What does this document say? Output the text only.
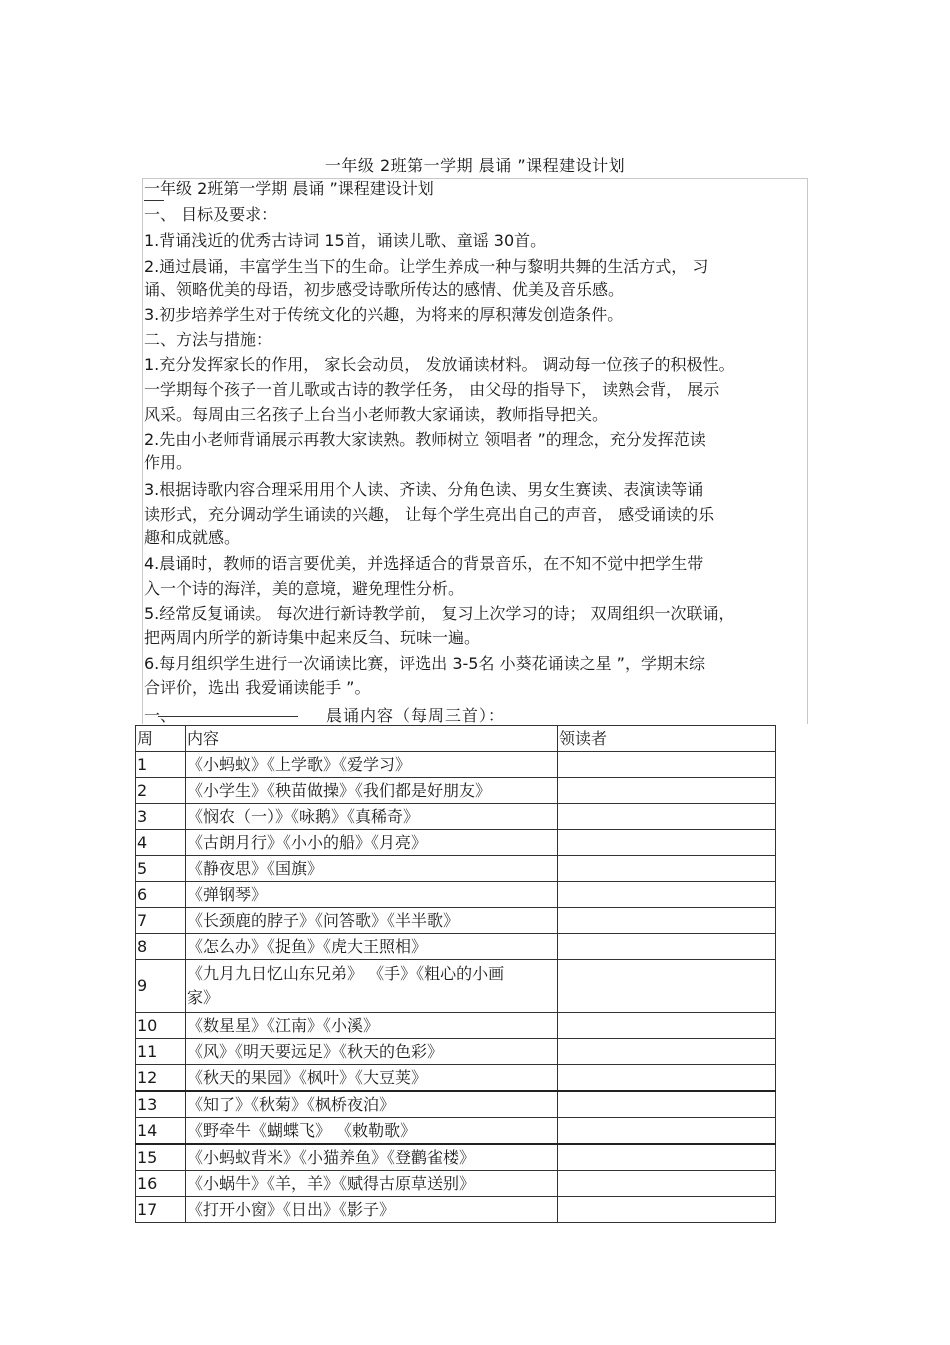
一年级 2班第一学期 晨诵 ”课程建设计划
一年级 2班第一学期 晨诵 ”课程建设计划
一、 目标及要求：
1.背诵浅近的优秀古诗词 15首，诵读儿歌、童谣 30首。
2.通过晨诵，丰富学生当下的生命。让学生养成一种与黎明共舞的生活方式， 习
诵、领略优美的母语，初步感受诗歌所传达的感情、优美及音乐感。
3.初步培养学生对于传统文化的兴趣，为将来的厚积薄发创造条件。
二、方法与措施：
1.充分发挥家长的作用， 家长会动员， 发放诵读材料。 调动每一位孩子的积极性。
一学期每个孩子一首儿歌或古诗的教学任务， 由父母的指导下， 读熟会背， 展示
风采。每周由三名孩子上台当小老师教大家诵读，教师指导把关。
2.先由小老师背诵展示再教大家读熟。教师树立 领唱者 ”的理念，充分发挥范读
作用。
3.根据诗歌内容合理采用用个人读、齐读、分角色读、男女生赛读、表演读等诵
读形式，充分调动学生诵读的兴趣， 让每个学生亮出自己的声音， 感受诵读的乐
趣和成就感。
4.晨诵时，教师的语言要优美，并选择适合的背景音乐，在不知不觉中把学生带
入一个诗的海洋，美的意境，避免理性分析。
5.经常反复诵读。 每次进行新诗教学前， 复习上次学习的诗； 双周组织一次联诵，
把两周内所学的新诗集中起来反刍、玩味一遍。
6.每月组织学生进行一次诵读比赛，评选出 3-5名 小葵花诵读之星 ”，学期末综
合评价，选出 我爱诵读能手 ”。
一、	晨诵内容（每周三首）：
周	内容	领读者
1	《小蚂蚁》《上学歌》《爱学习》	
2	《小学生》《秧苗做操》《我们都是好朋友》	
3	《悯农（一）》《咏鹅》《真稀奇》	
4	《古朗月行》《小小的船》《月亮》	
5	《静夜思》《国旗》	
6	《弹钢琴》	
7	《长颈鹿的脖子》《问答歌》《半半歌》	
8	《怎么办》《捉鱼》《虎大王照相》	
9	《九月九日忆山东兄弟》 《手》《粗心的小画
家》	
10	《数星星》《江南》《小溪》	
11	《风》《明天要远足》《秋天的色彩》	
12	《秋天的果园》《枫叶》《大豆荚》	
13	《知了》《秋菊》《枫桥夜泊》	
14	《野牵牛《蝴蝶飞》 《敕勒歌》	
15	《小蚂蚁背米》《小猫养鱼》《登鹳雀楼》	
16	《小蜗牛》《羊，羊》《赋得古原草送别》	
17	《打开小窗》《日出》《影子》	
